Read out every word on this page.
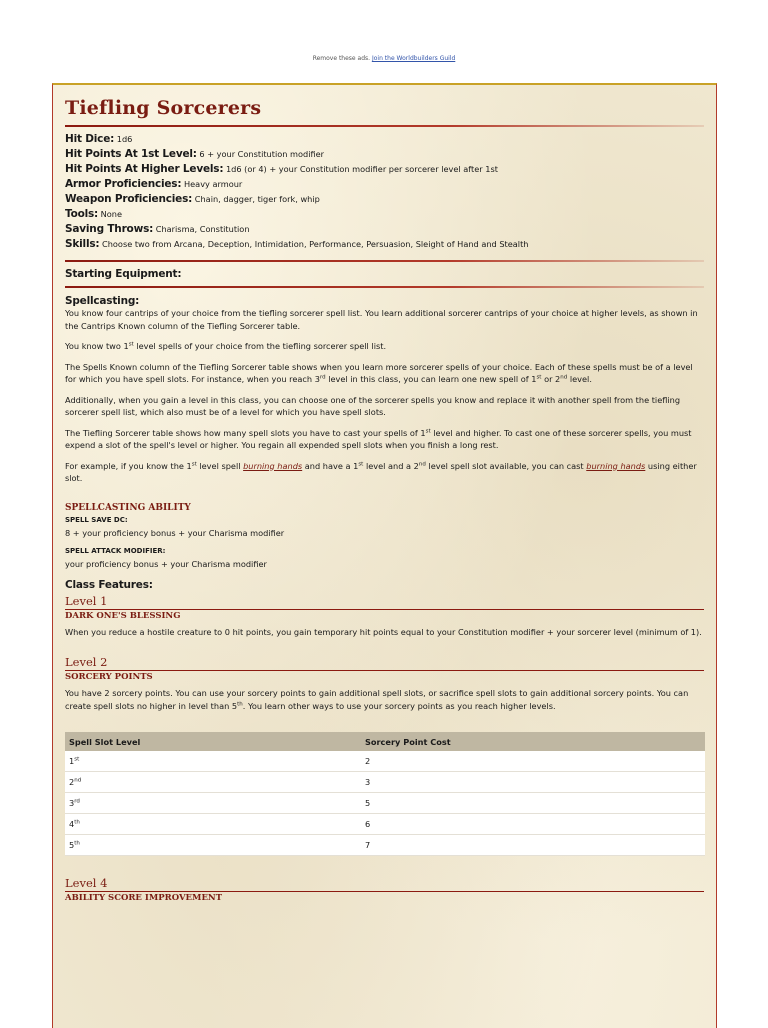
Remove these ads. Join the Worldbuilders Guild
Tiefling Sorcerers
Hit Dice: 1d6
Hit Points At 1st Level: 6 + your Constitution modifier
Hit Points At Higher Levels: 1d6 (or 4) + your Constitution modifier per sorcerer level after 1st
Armor Proficiencies: Heavy armour
Weapon Proficiencies: Chain, dagger, tiger fork, whip
Tools: None
Saving Throws: Charisma, Constitution
Skills: Choose two from Arcana, Deception, Intimidation, Performance, Persuasion, Sleight of Hand and Stealth
Starting Equipment:
Spellcasting:

You know four cantrips of your choice from the tiefling sorcerer spell list. You learn additional sorcerer cantrips of your choice at higher levels, as shown in the Cantrips Known column of the Tiefling Sorcerer table.

You know two 1st level spells of your choice from the tiefling sorcerer spell list.

The Spells Known column of the Tiefling Sorcerer table shows when you learn more sorcerer spells of your choice. Each of these spells must be of a level for which you have spell slots. For instance, when you reach 3rd level in this class, you can learn one new spell of 1st or 2nd level.

Additionally, when you gain a level in this class, you can choose one of the sorcerer spells you know and replace it with another spell from the tiefling sorcerer spell list, which also must be of a level for which you have spell slots.

The Tiefling Sorcerer table shows how many spell slots you have to cast your spells of 1st level and higher. To cast one of these sorcerer spells, you must expend a slot of the spell's level or higher. You regain all expended spell slots when you finish a long rest.

For example, if you know the 1st level spell burning hands and have a 1st level and a 2nd level spell slot available, you can cast burning hands using either slot.

SPELLCASTING ABILITY
SPELL SAVE DC:

8 + your proficiency bonus + your Charisma modifier

SPELL ATTACK MODIFIER:

your proficiency bonus + your Charisma modifier

Class Features:
Level 1
DARK ONE'S BLESSING

When you reduce a hostile creature to 0 hit points, you gain temporary hit points equal to your Constitution modifier + your sorcerer level (minimum of 1).

Level 2
SORCERY POINTS

You have 2 sorcery points. You can use your sorcery points to gain additional spell slots, or sacrifice spell slots to gain additional sorcery points. You can create spell slots no higher in level than 5th. You learn other ways to use your sorcery points as you reach higher levels.

Spell Slot Level	Sorcery Point Cost
1st	2
2nd	3
3rd	5
4th	6
5th	7
Level 4
ABILITY SCORE IMPROVEMENT
